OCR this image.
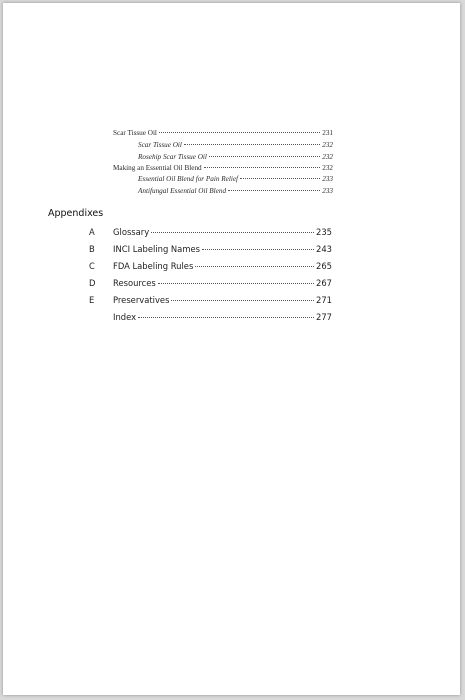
Scar Tissue Oil	231
Scar Tissue Oil	232
Rosehip Scar Tissue Oil	232
Making an Essential Oil Blend	232
Essential Oil Blend for Pain Relief	233
Antifungal Essential Oil Blend	233
Appendixes
A Glossary	235
B INCI Labeling Names	243
C FDA Labeling Rules	265
D Resources	267
E Preservatives	271
Index	277
